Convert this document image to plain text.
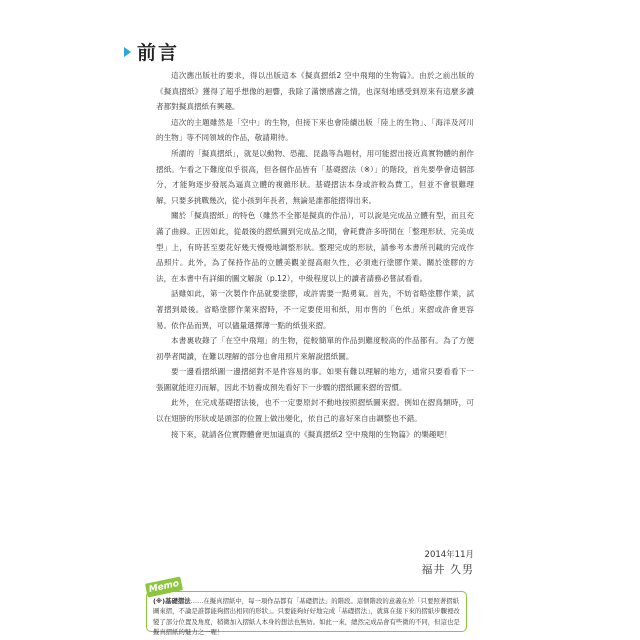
前言

這次應出版社的要求，得以出版這本《擬真摺紙2 空中飛翔的生物篇》。由於之前出版的《擬真摺紙》獲得了超乎想像的迴響，我除了滿懷感謝之情，也深刻地感受到原來有這麼多讀者都對擬真摺紙有興趣。

這次的主題雖然是「空中」的生物，但接下來也會陸續出版「陸上的生物」、「海洋及河川的生物」等不同領域的作品，敬請期待。

所謂的「擬真摺紙」，就是以動物、恐龍、昆蟲等為題材，用可能摺出接近真實物體的創作摺紙。乍看之下難度似乎很高，但各個作品皆有「基礎摺法（※）」的階段，首先要學會這個部分，才能夠逐步發展為逼真立體的複雜形狀。基礎摺法本身或許較為費工，但並不會很難理解，只要多挑戰幾次，從小孩到年長者，無論是誰都能摺得出來。

關於「擬真摺紙」的特色（雖然不全都是擬真的作品），可以說是完成品立體有型，而且充滿了曲線。正因如此，從最後的摺紙圖到完成品之間，會耗費許多時間在「整理形狀、完美成型」上，有時甚至要花好幾天慢慢地調整形狀。整理完成的形狀，請參考本書所刊載的完成作品照片。此外，為了保持作品的立體美觀並提高耐久性，必須進行塗膠作業。關於塗膠的方法，在本書中有詳細的圖文解說（p.12），中級程度以上的讀者請務必嘗試看看。

話雖如此，第一次製作作品就要塗膠，或許需要一點勇氣。首先，不妨省略塗膠作業，試著摺到最後。省略塗膠作業來摺時，不一定要使用和紙，用市售的「色紙」來摺或許會更容易。依作品而異，可以儘量選擇薄一點的紙張來摺。

本書裏收錄了「在空中飛翔」的生物，從較簡單的作品到難度較高的作品都有。為了方便初學者閱讀，在難以理解的部分也會用照片來解說摺紙圖。

要一邊看摺紙圖一邊摺絕對不是件容易的事。如果有難以理解的地方，通常只要看看下一張圖就能迎刃而解，因此不妨養成預先看好下一步驟的摺紙圖來摺的習慣。

此外，在完成基礎摺法後，也不一定要原封不動地按照摺紙圖來摺。例如在摺鳥類時，可以在翅膀的形狀或是頭部的位置上做出變化，依自己的喜好來自由調整也不錯。

接下來，就請各位實際體會更加逼真的《擬真摺紙2 空中飛翔的生物篇》的樂趣吧！

2014年11月
福井 久男
Memo

(※)基礎摺法……在擬真摺紙中，每一項作品都有「基礎摺法」的階段。這個階段的意義在於「只要照著摺紙圖來摺，不論是誰都能夠摺出相同的形狀」。只要能夠好好地完成「基礎摺法」，就算在接下來的摺紙步驟裡改變了部分位置及角度，稍微加入摺紙人本身的想法也無妨。如此一來，總然完成品會有些微的不同，但這也是擬真摺紙的魅力之一喔！
